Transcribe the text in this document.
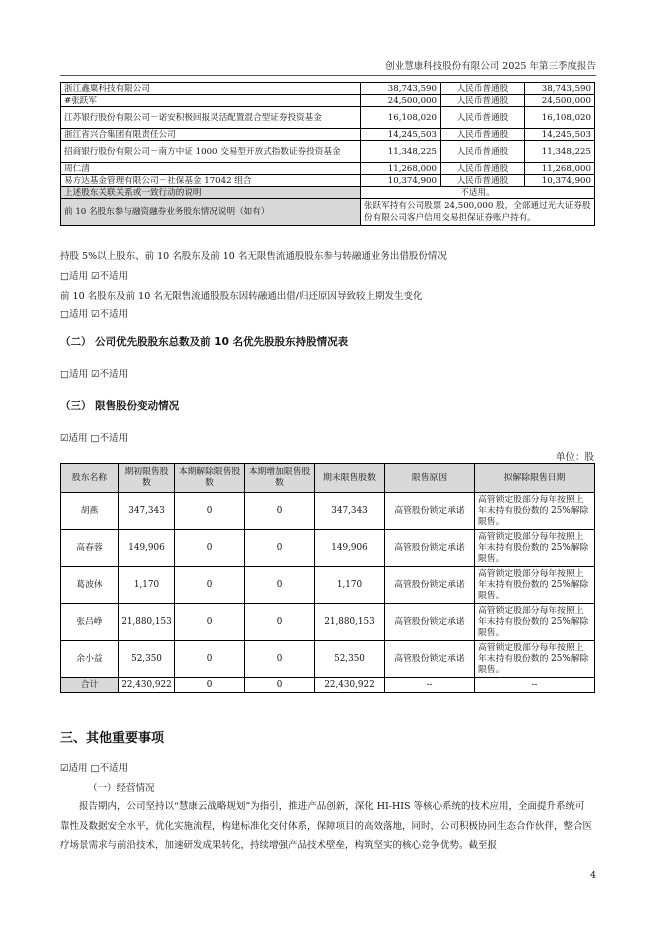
创业慧康科技股份有限公司 2025 年第三季度报告
浙江鑫粟科技有限公司	38,743,590	人民币普通股	38,743,590
#张跃军	24,500,000	人民币普通股	24,500,000
江苏银行股份有限公司－诺安积极回报灵活配置混合型证券投资基金	16,108,020	人民币普通股	16,108,020
浙江省兴合集团有限责任公司	14,245,503	人民币普通股	14,245,503
招商银行股份有限公司－南方中证 1000 交易型开放式指数证券投资基金	11,348,225	人民币普通股	11,348,225
周仁清	11,268,000	人民币普通股	11,268,000
易方达基金管理有限公司－社保基金 17042 组合	10,374,900	人民币普通股	10,374,900
上述股东关联关系或一致行动的说明	不适用。		
前 10 名股东参与融资融券业务股东情况说明（如有）	张跃军持有公司股票 24,500,000 股，全部通过光大证券股份有限公司客户信用交易担保证券账户持有。		
持股 5%以上股东、前 10 名股东及前 10 名无限售流通股股东参与转融通业务出借股份情况
□适用 ☑不适用
前 10 名股东及前 10 名无限售流通股股东因转融通出借/归还原因导致较上期发生变化
□适用 ☑不适用
（二） 公司优先股股东总数及前 10 名优先股股东持股情况表
□适用 ☑不适用
（三） 限售股份变动情况
☑适用 □不适用
单位：股
股东名称	期初限售股数	本期解除限售股数	本期增加限售股数	期末限售股数	限售原因	拟解除限售日期
胡燕	347,343	0	0	347,343	高管股份锁定承诺	高管锁定股部分每年按照上年末持有股份数的 25%解除限售。
高春蓉	149,906	0	0	149,906	高管股份锁定承诺	高管锁定股部分每年按照上年末持有股份数的 25%解除限售。
葛波休	1,170	0	0	1,170	高管股份锁定承诺	高管锁定股部分每年按照上年末持有股份数的 25%解除限售。
张吕峥	21,880,153	0	0	21,880,153	高管股份锁定承诺	高管锁定股部分每年按照上年末持有股份数的 25%解除限售。
余小益	52,350	0	0	52,350	高管股份锁定承诺	高管锁定股部分每年按照上年末持有股份数的 25%解除限售。
合计	22,430,922	0	0	22,430,922	--	--
三、其他重要事项
☑适用 □不适用
（一）经营情况
报告期内，公司坚持以“慧康云战略规划”为指引，推进产品创新，深化 HI-HIS 等核心系统的技术应用，全面提升系统可靠性及数据安全水平，优化实施流程，构建标准化交付体系，保障项目的高效落地，同时，公司积极协同生态合作伙伴，整合医疗场景需求与前沿技术，加速研发成果转化，持续增强产品技术壁垒，构筑坚实的核心竞争优势。截至报
4
